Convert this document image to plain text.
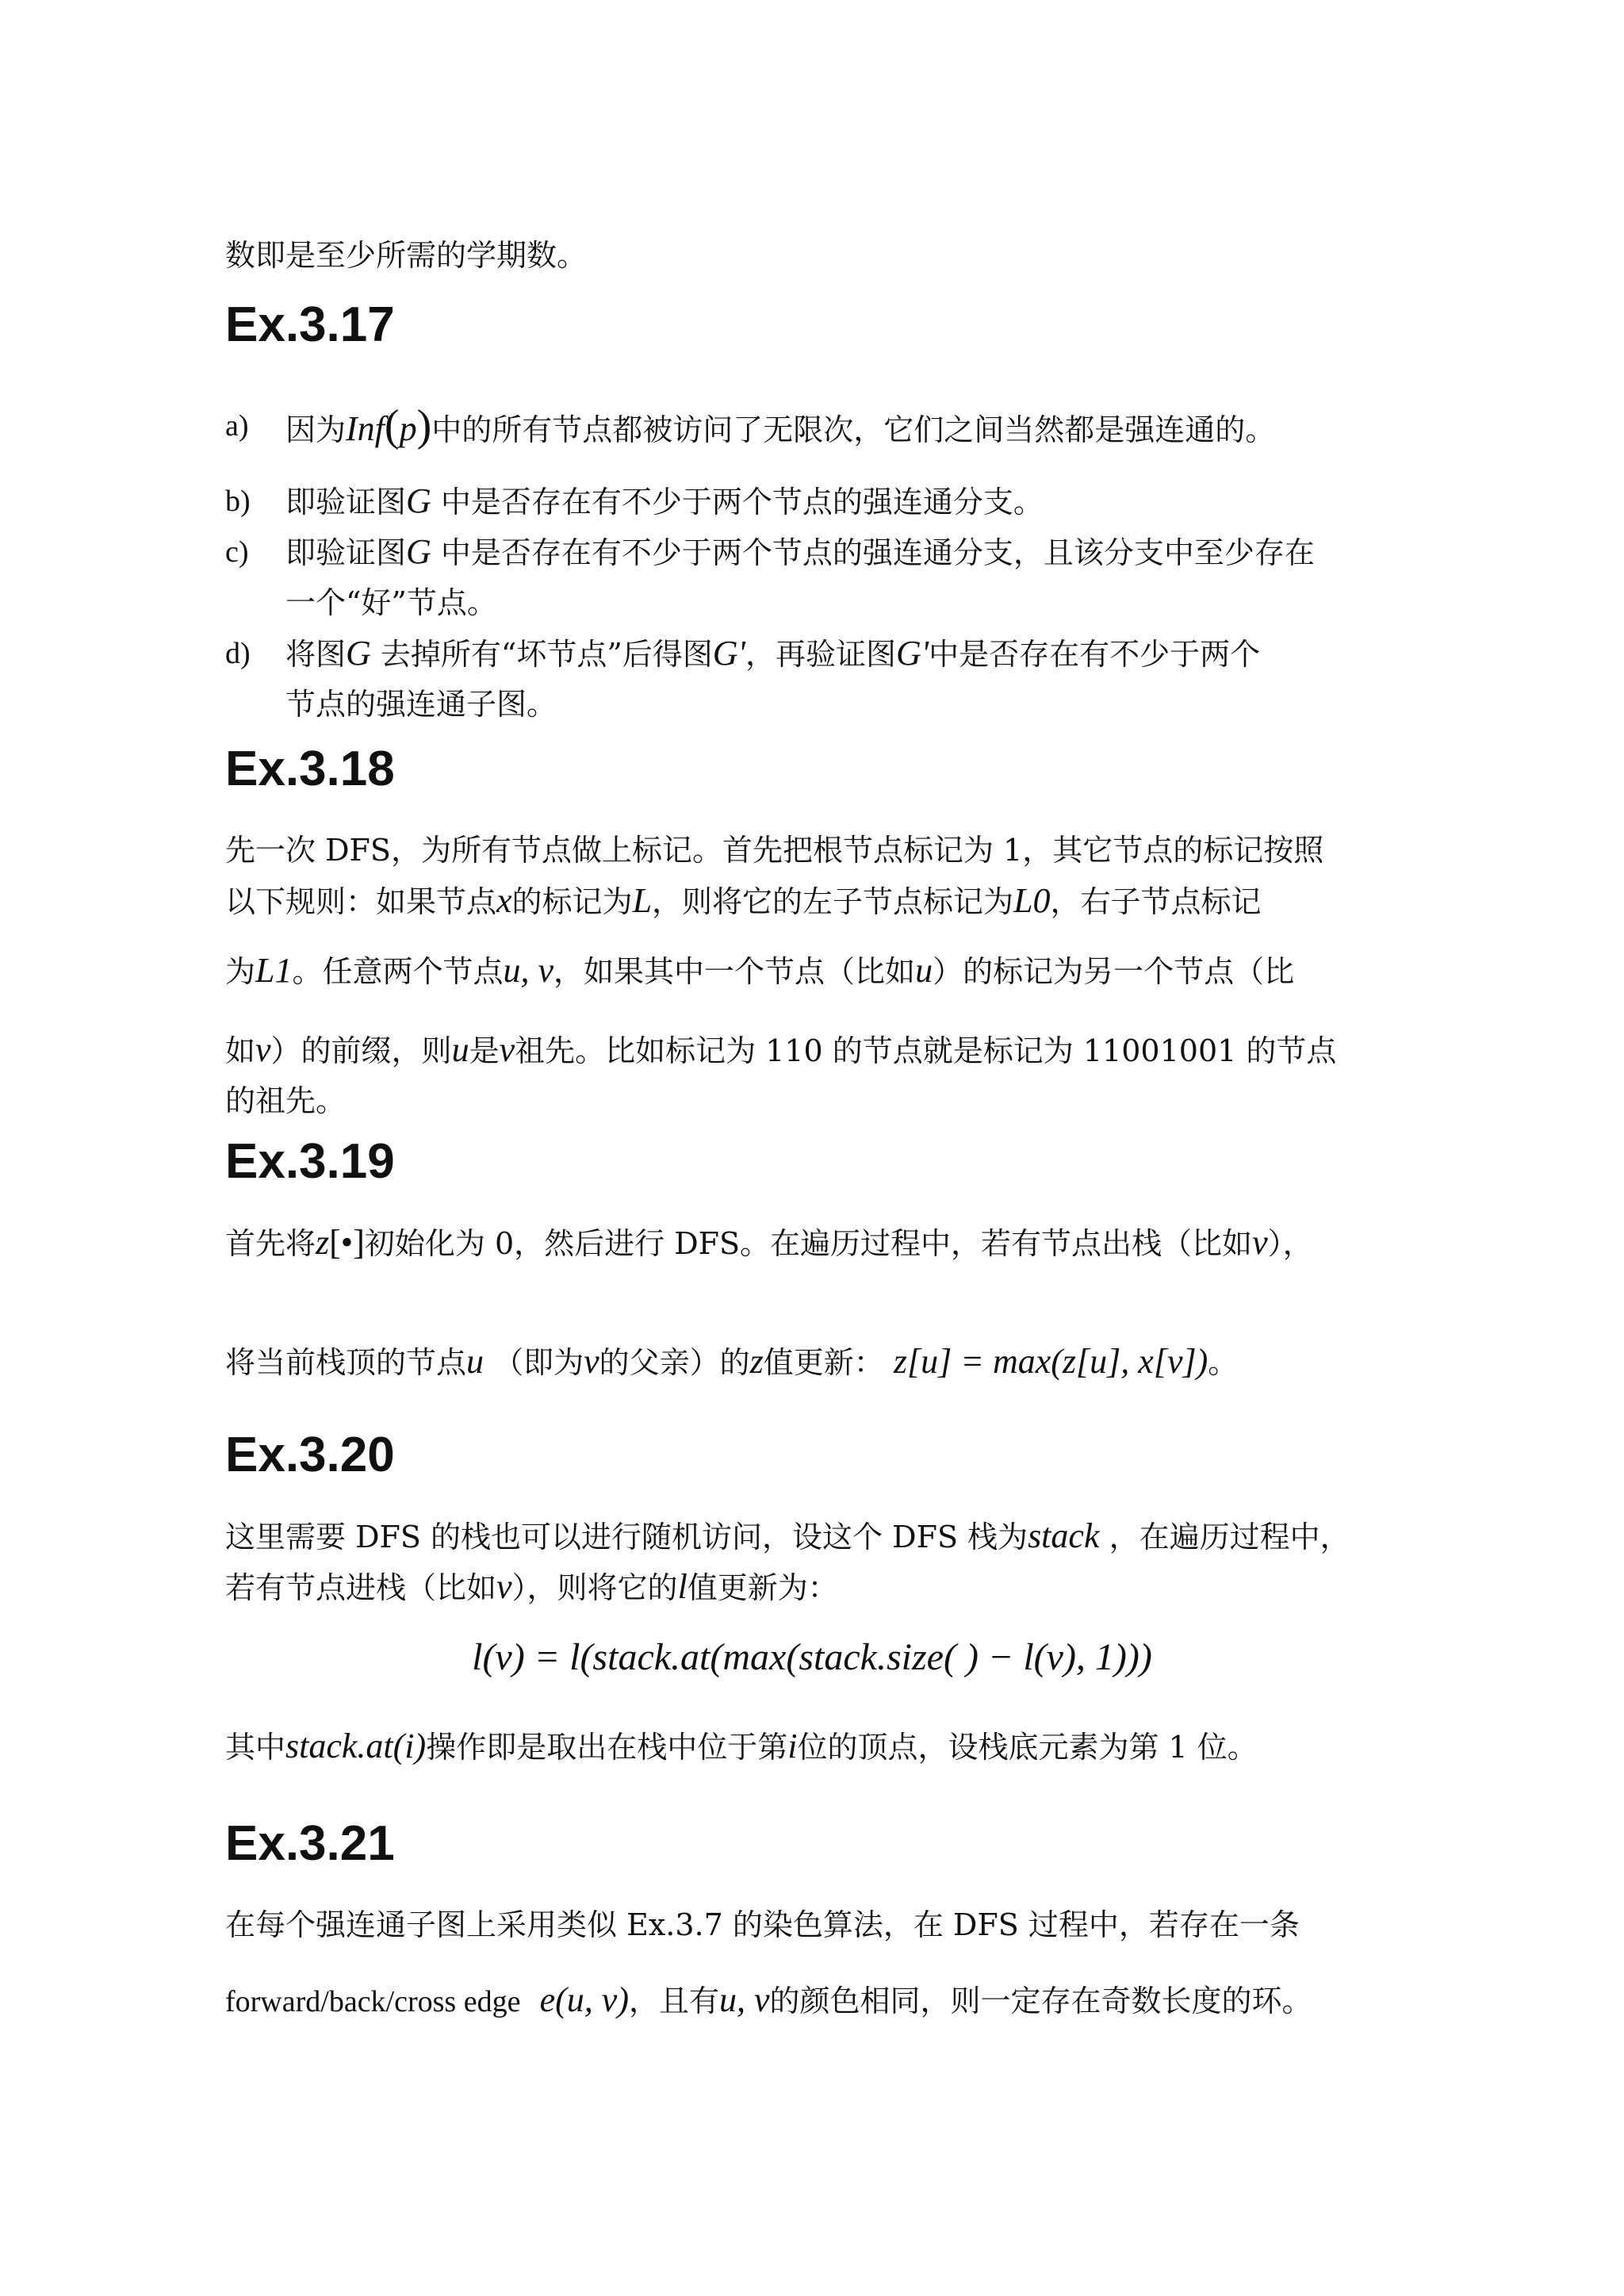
数即是至少所需的学期数。

Ex.3.17
a) 因为Inf(p)中的所有节点都被访问了无限次，它们之间当然都是强连通的。
b) 即验证图G 中是否存在有不少于两个节点的强连通分支。
c) 即验证图G 中是否存在有不少于两个节点的强连通分支，且该分支中至少存在
一个“好”节点。
d) 将图G 去掉所有“坏节点”后得图G'，再验证图G'中是否存在有不少于两个
节点的强连通子图。
Ex.3.18

先一次 DFS，为所有节点做上标记。首先把根节点标记为 1，其它节点的标记按照

以下规则：如果节点x的标记为L，则将它的左子节点标记为L0，右子节点标记

为L1。任意两个节点u, v，如果其中一个节点（比如u）的标记为另一个节点（比

如v）的前缀，则u是v祖先。比如标记为 110 的节点就是标记为 11001001 的节点

的祖先。

Ex.3.19

首先将z[•]初始化为 0，然后进行 DFS。在遍历过程中，若有节点出栈（比如v），

将当前栈顶的节点u （即为v的父亲）的z值更新： z[u] = max(z[u], x[v])。

Ex.3.20

这里需要 DFS 的栈也可以进行随机访问，设这个 DFS 栈为stack ，在遍历过程中，

若有节点进栈（比如v），则将它的l值更新为：

l(v) = l(stack.at(max(stack.size( ) − l(v), 1)))

其中stack.at(i)操作即是取出在栈中位于第i位的顶点，设栈底元素为第 1 位。

Ex.3.21

在每个强连通子图上采用类似 Ex.3.7 的染色算法，在 DFS 过程中，若存在一条

forward/back/cross edge e(u, v)，且有u, v的颜色相同，则一定存在奇数长度的环。
